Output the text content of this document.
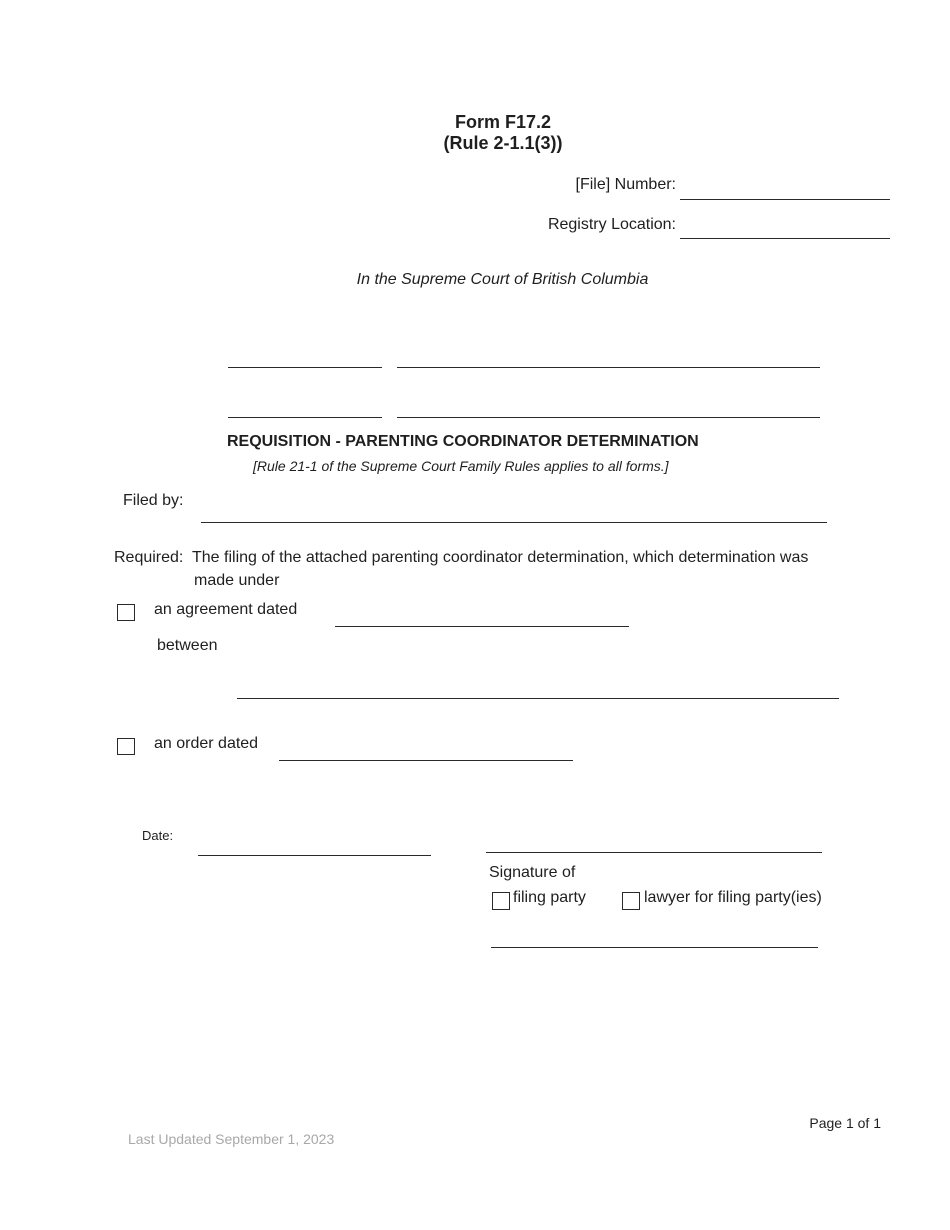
Form F17.2
(Rule 2-1.1(3))
[File] Number:
Registry Location:
In the Supreme Court of British Columbia
REQUISITION - PARENTING COORDINATOR DETERMINATION
[Rule 21-1 of the Supreme Court Family Rules applies to all forms.]
Filed by:
Required: The filing of the attached parenting coordinator determination, which determination was
made under
an agreement dated
between
an order dated
Date:
Signature of
filing party	lawyer for filing party(ies)
Page 1 of 1
Last Updated September 1, 2023
